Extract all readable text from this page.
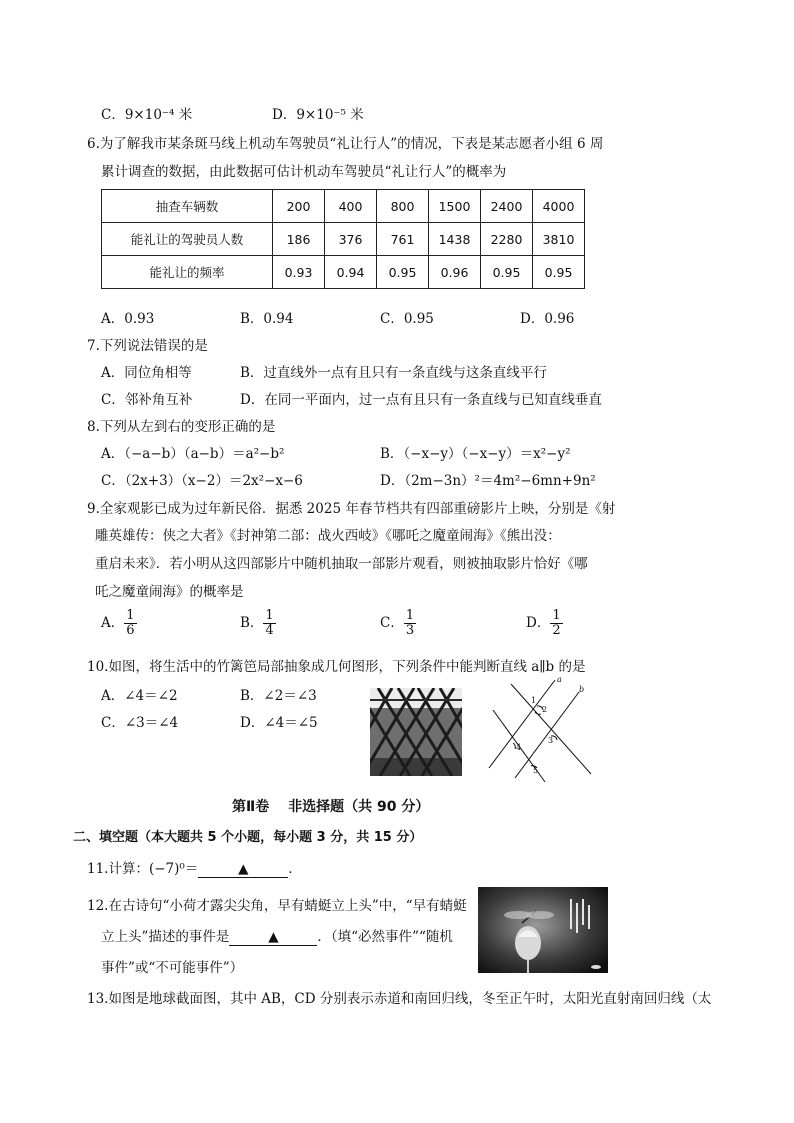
C．9×10⁻⁴ 米	D．9×10⁻⁵ 米
6.为了解我市某条斑马线上机动车驾驶员“礼让行人”的情况，下表是某志愿者小组 6 周
累计调查的数据，由此数据可估计机动车驾驶员“礼让行人”的概率为
抽查车辆数	200	400	800	1500	2400	4000
能礼让的驾驶员人数	186	376	761	1438	2280	3810
能礼让的频率	0.93	0.94	0.95	0.96	0.95	0.95
A．0.93	B．0.94	C．0.95	D．0.96
7.下列说法错误的是
A．同位角相等	B．过直线外一点有且只有一条直线与这条直线平行
C．邻补角互补	D．在同一平面内，过一点有且只有一条直线与已知直线垂直
8.下列从左到右的变形正确的是
A．（−a−b）（a−b）＝a²−b²	B．（−x−y）（−x−y）＝x²−y²
C．（2x+3）（x−2）＝2x²−x−6	D．（2m−3n）²＝4m²−6mn+9n²
9.全家观影已成为过年新民俗．据悉 2025 年春节档共有四部重磅影片上映，分别是《射
雕英雄传：侠之大者》《封神第二部：战火西岐》《哪吒之魔童闹海》《熊出没：
重启未来》．若小明从这四部影片中随机抽取一部影片观看，则被抽取影片恰好《哪
吒之魔童闹海》的概率是
A． $\frac{1}{6}$	B． $\frac{1}{4}$	C． $\frac{1}{3}$	D． $\frac{1}{2}$
10.如图，将生活中的竹篱笆局部抽象成几何图形，下列条件中能判断直线 a∥b 的是
A．∠4＝∠2	B．∠2＝∠3
C．∠3＝∠4	D．∠4＝∠5
a
b
1
2
3
4
5
第Ⅱ卷　 非选择题（共 90 分）
二、填空题（本大题共 5 个小题，每小题 3 分，共 15 分）
11.计算：(−7)⁰＝	▲	．
12.在古诗句“小荷才露尖尖角，早有蜻蜓立上头”中，“早有蜻蜓
立上头”描述的事件是	▲	．（填“必然事件”“随机
事件”或“不可能事件”）
13.如图是地球截面图，其中 AB，CD 分别表示赤道和南回归线，冬至正午时，太阳光直射南回归线（太
